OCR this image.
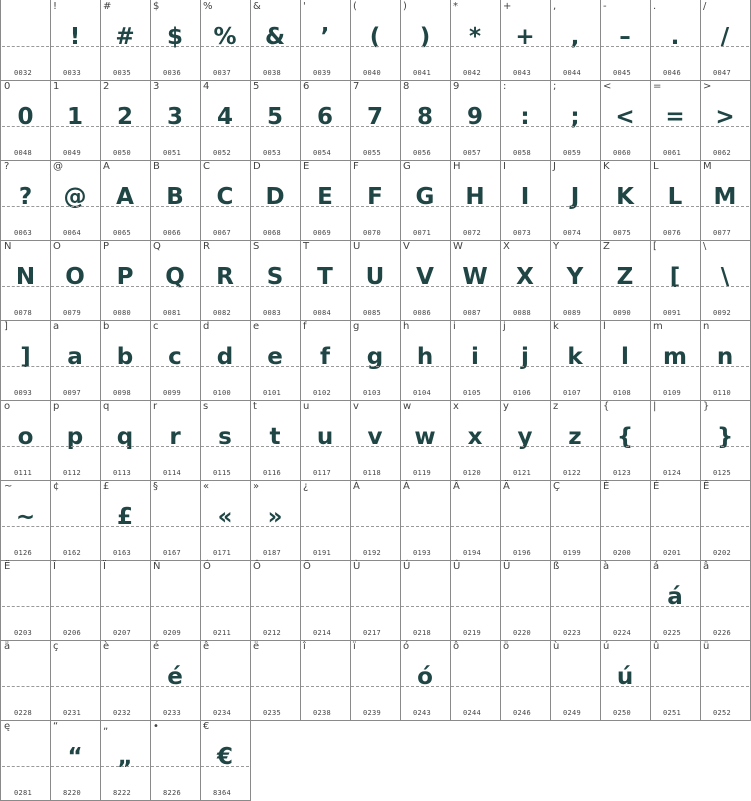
0032
!
!
0033
#
#
0035
$
$
0036
%
%
0037
&
&
0038
'
’
0039
(
(
0040
)
)
0041
*
*
0042
+
+
0043
,
,
0044
-
–
0045
.
.
0046
/
/
0047
0
0
0048
1
1
0049
2
2
0050
3
3
0051
4
4
0052
5
5
0053
6
6
0054
7
7
0055
8
8
0056
9
9
0057
:
:
0058
;
;
0059
<
<
0060
=
=
0061
>
>
0062
?
?
0063
@
@
0064
A
A
0065
B
B
0066
C
C
0067
D
D
0068
E
E
0069
F
F
0070
G
G
0071
H
H
0072
I
I
0073
J
J
0074
K
K
0075
L
L
0076
M
M
0077
N
N
0078
O
O
0079
P
P
0080
Q
Q
0081
R
R
0082
S
S
0083
T
T
0084
U
U
0085
V
V
0086
W
W
0087
X
X
0088
Y
Y
0089
Z
Z
0090
[
[
0091
\
\
0092
]
]
0093
a
a
0097
b
b
0098
c
c
0099
d
d
0100
e
e
0101
f
f
0102
g
g
0103
h
h
0104
i
i
0105
j
j
0106
k
k
0107
l
l
0108
m
m
0109
n
n
0110
o
o
0111
p
p
0112
q
q
0113
r
r
0114
s
s
0115
t
t
0116
u
u
0117
v
v
0118
w
w
0119
x
x
0120
y
y
0121
z
z
0122
{
{
0123
|
0124
}
}
0125
~
~
0126
¢
0162
£
£
0163
§
0167
«
«
0171
»
»
0187
¿
0191
À
0192
Á
0193
Â
0194
Ä
0196
Ç
0199
È
0200
É
0201
Ê
0202
Ë
0203
Î
0206
Ï
0207
Ñ
0209
Ó
0211
Ô
0212
Ö
0214
Ù
0217
Ú
0218
Û
0219
Ü
0220
ß
0223
à
0224
á
á
0225
â
0226
ä
0228
ç
0231
è
0232
é
é
0233
ê
0234
ë
0235
î
0238
ï
0239
ó
ó
0243
ô
0244
ö
0246
ù
0249
ú
ú
0250
û
0251
ü
0252
ę
0281
“
“
8220
„
„
8222
•
8226
€
€
8364
